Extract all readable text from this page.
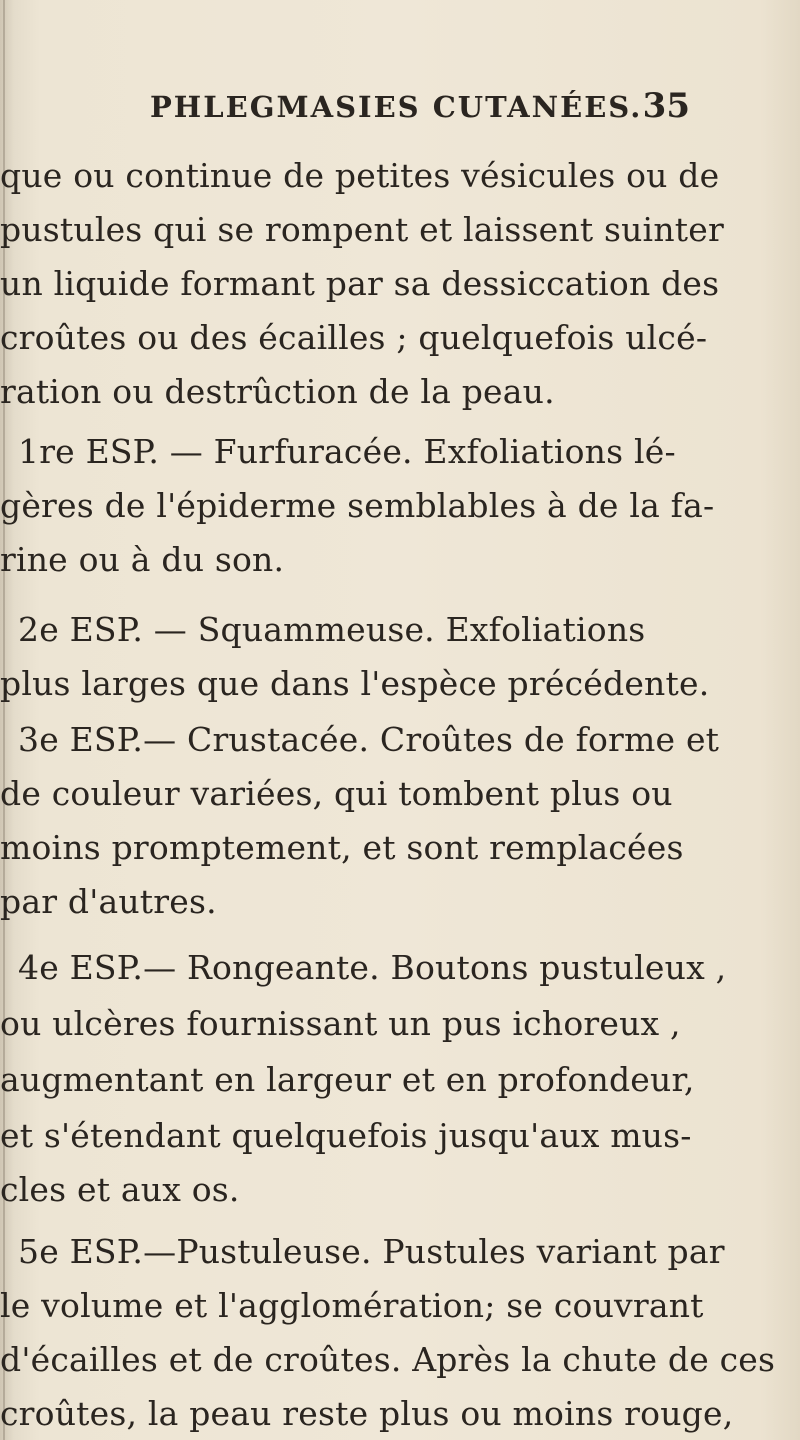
PHLEGMASIES CUTANÉES. 35
que ou continue de petites vésicules ou de
pustules qui se rompent et laissent suinter
un liquide formant par sa dessiccation des
croûtes ou des écailles ; quelquefois ulcé-
ration ou destrûction de la peau.
1re ESP. — Furfuracée. Exfoliations lé-
gères de l'épiderme semblables à de la fa-
rine ou à du son.
2e ESP. — Squammeuse. Exfoliations
plus larges que dans l'espèce précédente.
3e ESP.— Crustacée. Croûtes de forme et
de couleur variées, qui tombent plus ou
moins promptement, et sont remplacées
par d'autres.
4e ESP.— Rongeante. Boutons pustuleux ,
ou ulcères fournissant un pus ichoreux ,
augmentant en largeur et en profondeur,
et s'étendant quelquefois jusqu'aux mus-
cles et aux os.
5e ESP.—Pustuleuse. Pustules variant par
le volume et l'agglomération; se couvrant
d'écailles et de croûtes. Après la chute de ces
croûtes, la peau reste plus ou moins rouge,
